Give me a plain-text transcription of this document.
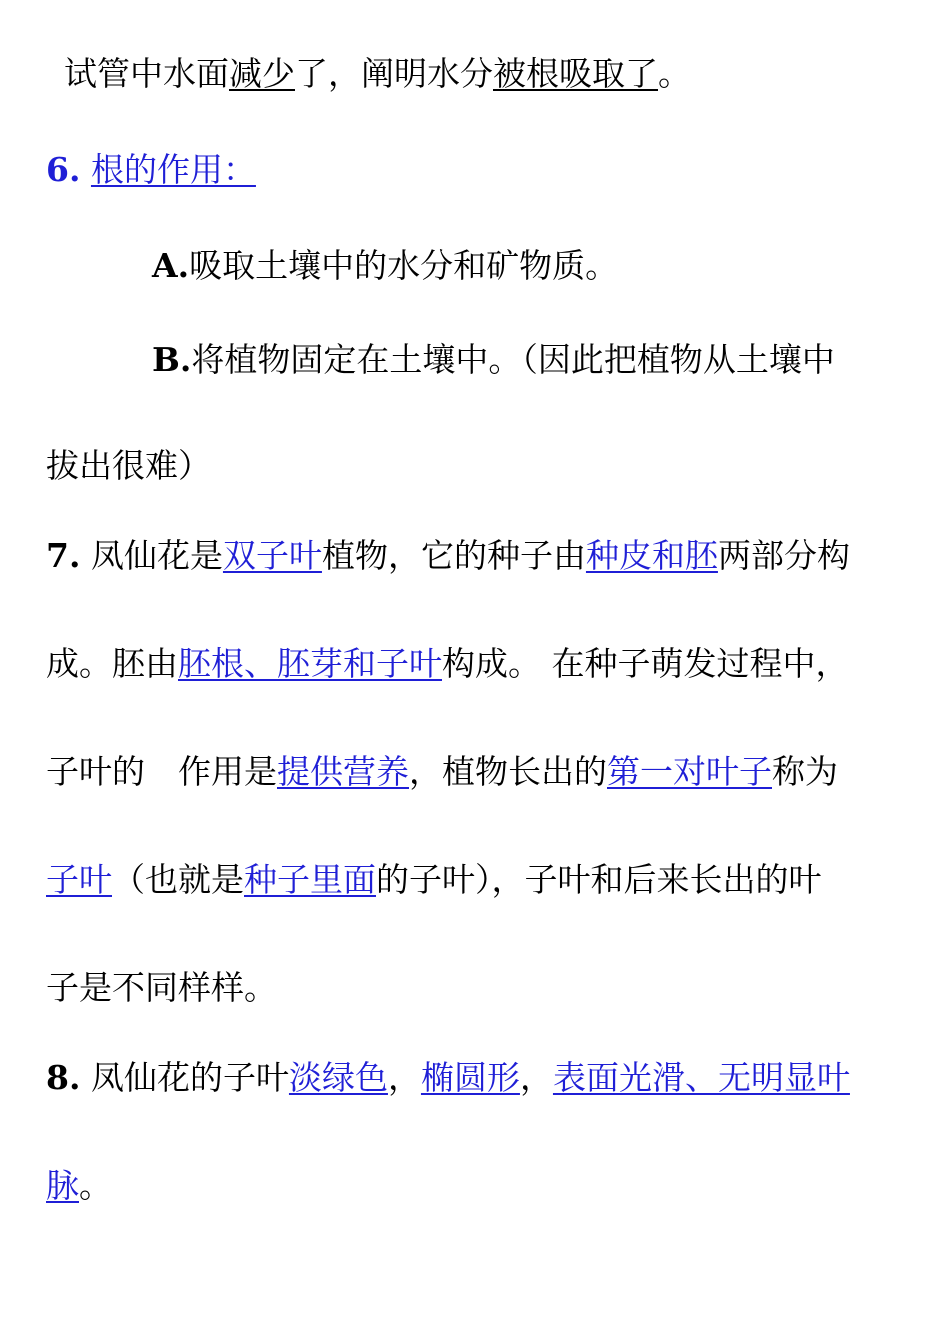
试管中水面减少了，阐明水分被根吸取了。
6. 根的作用：
A.吸取土壤中的水分和矿物质。
B.将植物固定在土壤中。（因此把植物从土壤中
拔出很难）
7. 凤仙花是双子叶植物，它的种子由种皮和胚两部分构
成。胚由胚根、胚芽和子叶构成。 在种子萌发过程中，
子叶的　作用是提供营养，植物长出的第一对叶子称为
子叶（也就是种子里面的子叶），子叶和后来长出的叶
子是不同样样。
8. 凤仙花的子叶淡绿色，椭圆形，表面光滑、无明显叶
脉。
